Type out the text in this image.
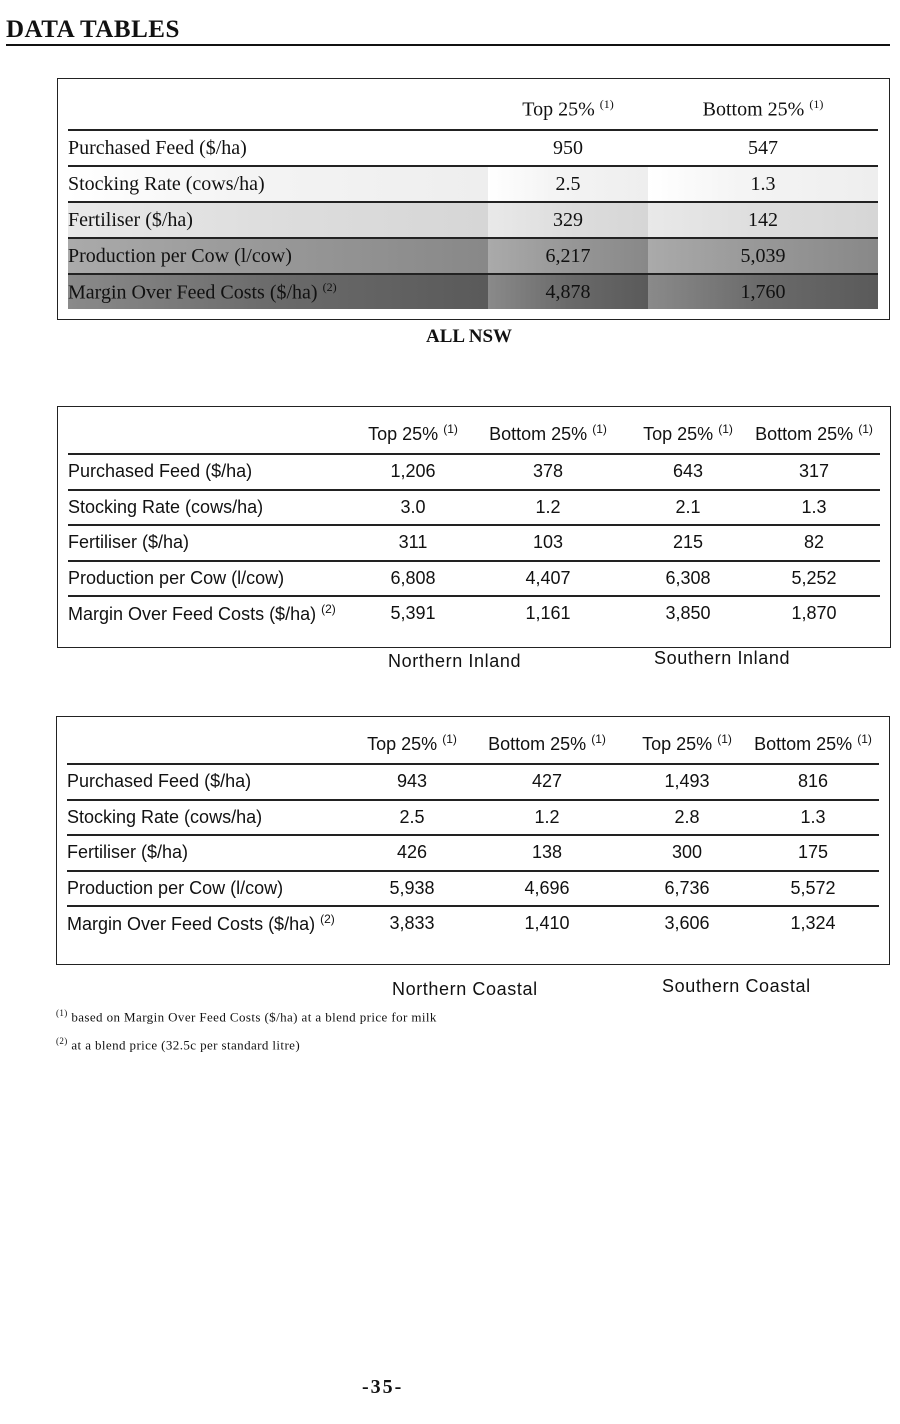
DATA TABLES
	Top 25% $^{(1)}$	Bottom 25% $^{(1)}$
Purchased Feed ($/ha)	950	547
Stocking Rate (cows/ha)	2.5	1.3
Fertiliser ($/ha)	329	142
Production per Cow (l/cow)	6,217	5,039
Margin Over Feed Costs ($/ha) $^{(2)}$	4,878	1,760
ALL NSW
	Top 25% $^{(1)}$	Bottom 25% $^{(1)}$	Top 25% $^{(1)}$	Bottom 25% $^{(1)}$
Purchased Feed ($/ha)	1,206	378	643	317
Stocking Rate (cows/ha)	3.0	1.2	2.1	1.3
Fertiliser ($/ha)	311	103	215	82
Production per Cow (l/cow)	6,808	4,407	6,308	5,252
Margin Over Feed Costs ($/ha) $^{(2)}$	5,391	1,161	3,850	1,870
Northern Inland	Southern Inland
	Top 25% $^{(1)}$	Bottom 25% $^{(1)}$	Top 25% $^{(1)}$	Bottom 25% $^{(1)}$
Purchased Feed ($/ha)	943	427	1,493	816
Stocking Rate (cows/ha)	2.5	1.2	2.8	1.3
Fertiliser ($/ha)	426	138	300	175
Production per Cow (l/cow)	5,938	4,696	6,736	5,572
Margin Over Feed Costs ($/ha) $^{(2)}$	3,833	1,410	3,606	1,324
Northern Coastal	Southern Coastal
$^{(1)}$ based on Margin Over Feed Costs ($/ha) at a blend price for milk
$^{(2)}$ at a blend price (32.5c per standard litre)
-35-
